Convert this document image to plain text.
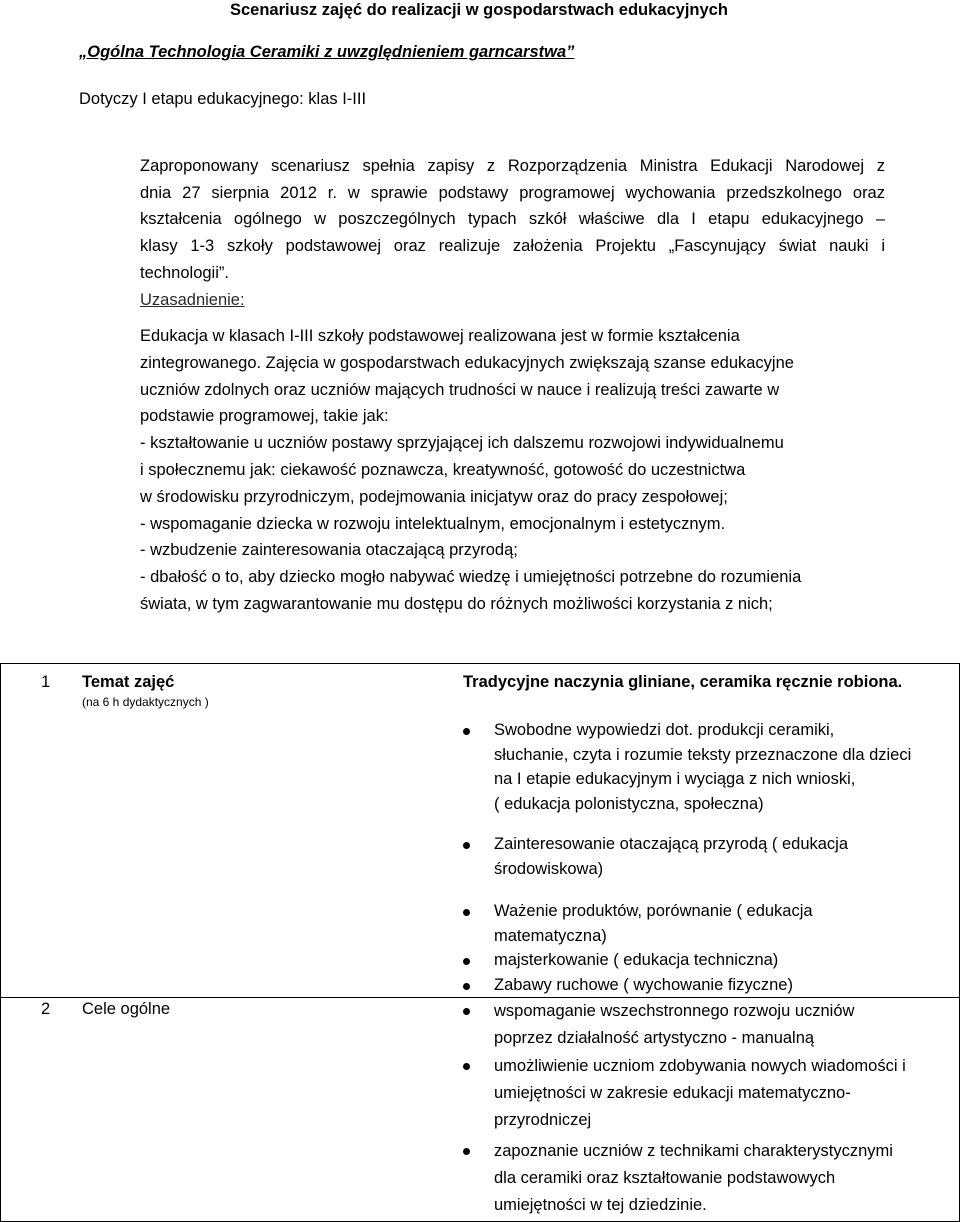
Scenariusz zajęć do realizacji w gospodarstwach edukacyjnych
„Ogólna Technologia Ceramiki z uwzględnieniem garncarstwa”
Dotyczy I etapu edukacyjnego: klas I-III
Zaproponowany scenariusz spełnia zapisy z Rozporządzenia Ministra Edukacji Narodowej z
dnia 27 sierpnia 2012 r. w sprawie podstawy programowej wychowania przedszkolnego oraz
kształcenia ogólnego w poszczególnych typach szkół właściwe dla I etapu edukacyjnego –
klasy 1-3 szkoły podstawowej oraz realizuje założenia Projektu „Fascynujący świat nauki i
technologii”.
Uzasadnienie:
Edukacja w klasach I-III szkoły podstawowej realizowana jest w formie kształcenia
zintegrowanego. Zajęcia w gospodarstwach edukacyjnych zwiększają szanse edukacyjne
uczniów zdolnych oraz uczniów mających trudności w nauce i realizują treści zawarte w
podstawie programowej, takie jak:
- kształtowanie u uczniów postawy sprzyjającej ich dalszemu rozwojowi indywidualnemu
i społecznemu jak: ciekawość poznawcza, kreatywność, gotowość do uczestnictwa
w środowisku przyrodniczym, podejmowania inicjatyw oraz do pracy zespołowej;
- wspomaganie dziecka w rozwoju intelektualnym, emocjonalnym i estetycznym.
- wzbudzenie zainteresowania otaczającą przyrodą;
- dbałość o to, aby dziecko mogło nabywać wiedzę i umiejętności potrzebne do rozumienia
świata, w tym zagwarantowanie mu dostępu do różnych możliwości korzystania z nich;
1 Temat zajęć
(na 6 h dydaktycznych )
Tradycyjne naczynia gliniane, ceramika ręcznie robiona.
Swobodne wypowiedzi dot. produkcji ceramiki,
słuchanie, czyta i rozumie teksty przeznaczone dla dzieci
na I etapie edukacyjnym i wyciąga z nich wnioski,
( edukacja polonistyczna, społeczna)
Zainteresowanie otaczającą przyrodą ( edukacja
środowiskowa)
Ważenie produktów, porównanie ( edukacja
matematyczna)
majsterkowanie ( edukacja techniczna)
Zabawy ruchowe ( wychowanie fizyczne)
2 Cele ogólne	wspomaganie wszechstronnego rozwoju uczniów
poprzez działalność artystyczno - manualną
umożliwienie uczniom zdobywania nowych wiadomości i
umiejętności w zakresie edukacji matematyczno-
przyrodniczej
zapoznanie uczniów z technikami charakterystycznymi
dla ceramiki oraz kształtowanie podstawowych
umiejętności w tej dziedzinie.
